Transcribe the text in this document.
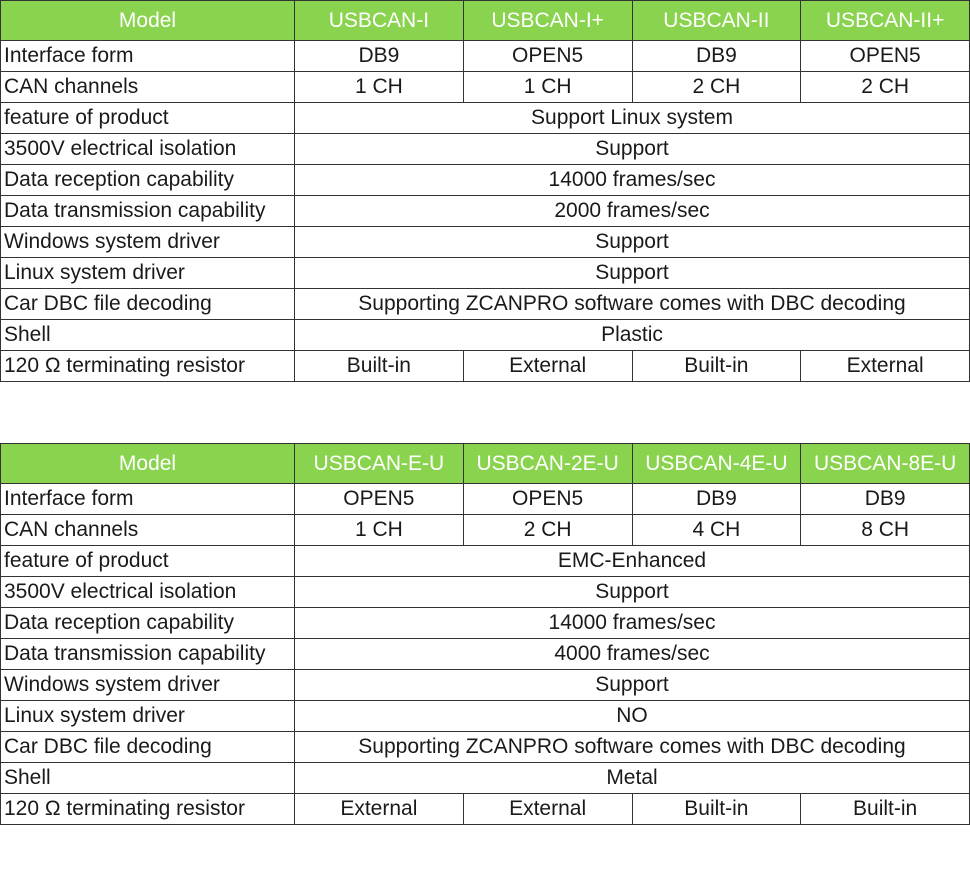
Model	USBCAN-I	USBCAN-I+	USBCAN-II	USBCAN-II+
Interface form	DB9	OPEN5	DB9	OPEN5
CAN channels	1 CH	1 CH	2 CH	2 CH
feature of product	Support Linux system			
3500V electrical isolation	Support			
Data reception capability	14000 frames/sec			
Data transmission capability	2000 frames/sec			
Windows system driver	Support			
Linux system driver	Support			
Car DBC file decoding	Supporting ZCANPRO software comes with DBC decoding			
Shell	Plastic			
120 Ω terminating resistor	Built-in	External	Built-in	External
Model	USBCAN-E-U	USBCAN-2E-U	USBCAN-4E-U	USBCAN-8E-U
Interface form	OPEN5	OPEN5	DB9	DB9
CAN channels	1 CH	2 CH	4 CH	8 CH
feature of product	EMC-Enhanced			
3500V electrical isolation	Support			
Data reception capability	14000 frames/sec			
Data transmission capability	4000 frames/sec			
Windows system driver	Support			
Linux system driver	NO			
Car DBC file decoding	Supporting ZCANPRO software comes with DBC decoding			
Shell	Metal			
120 Ω terminating resistor	External	External	Built-in	Built-in
